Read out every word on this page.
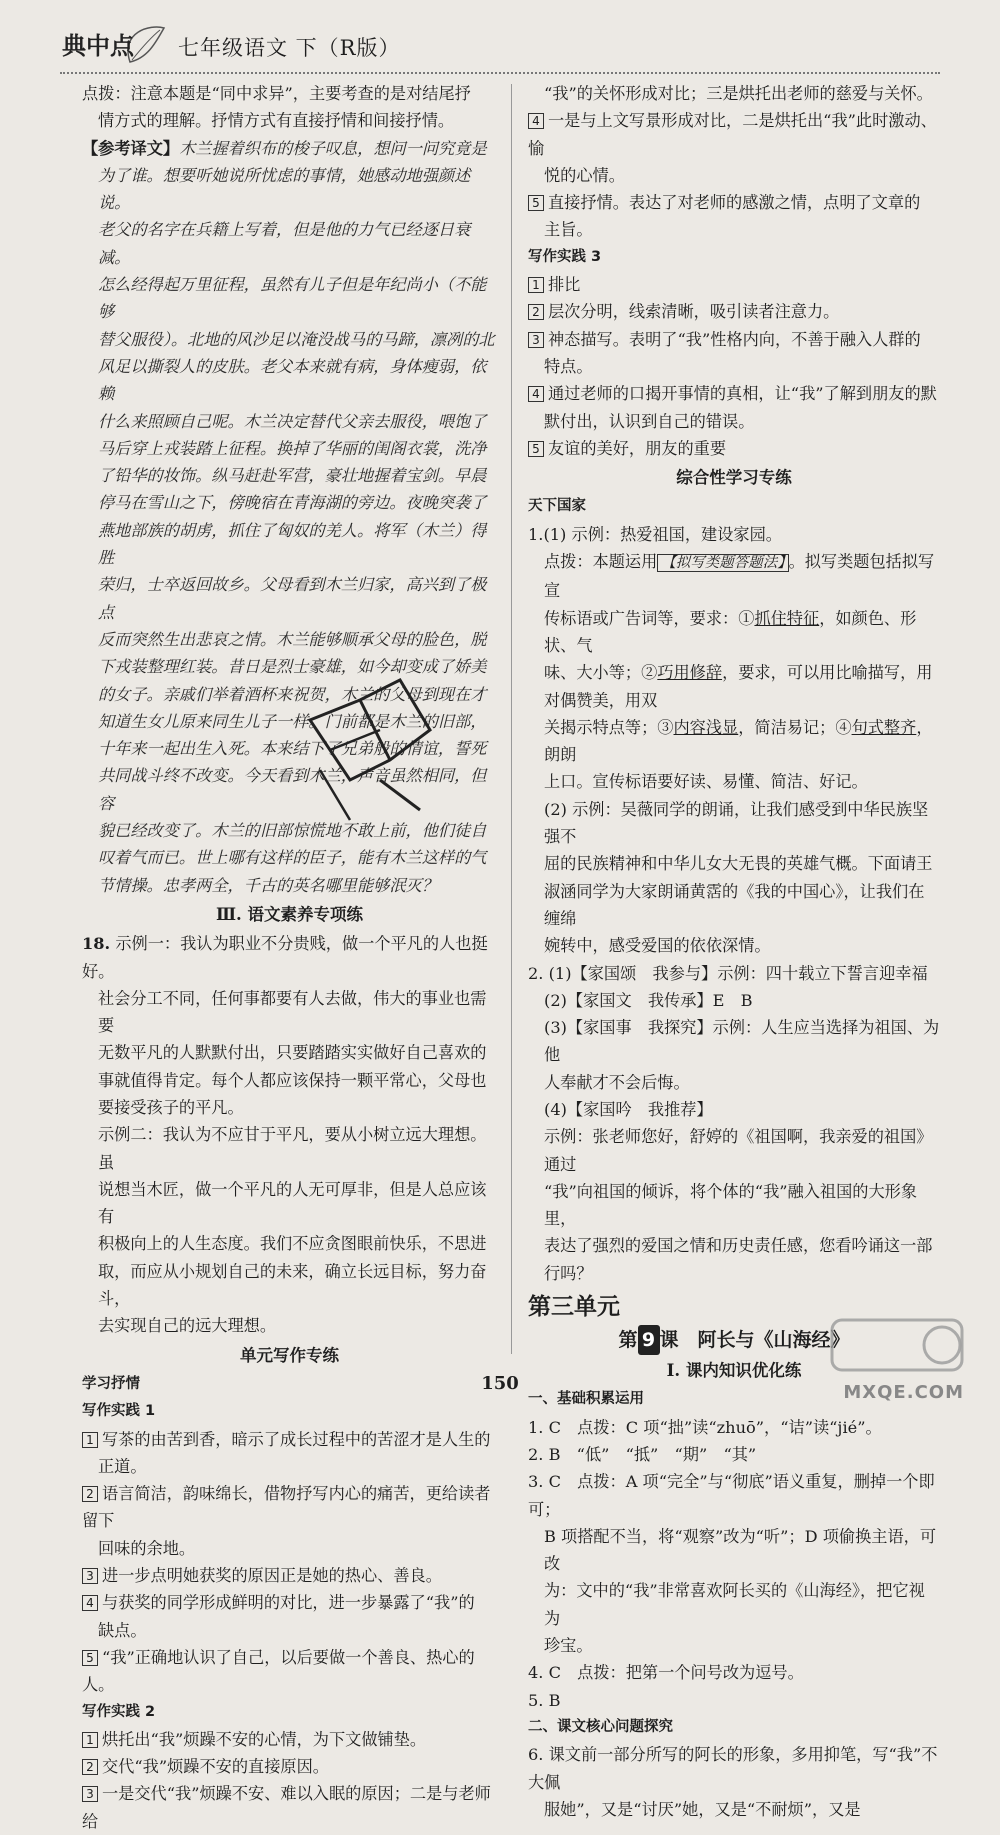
典中点 七年级语文 下（R版）

点拨：注意本题是“同中求异”，主要考查的是对结尾抒

情方式的理解。抒情方式有直接抒情和间接抒情。

【参考译文】木兰握着织布的梭子叹息，想问一问究竟是

为了谁。想要听她说所忧虑的事情，她感动地强颜述说。

老父的名字在兵籍上写着，但是他的力气已经逐日衰减。

怎么经得起万里征程，虽然有儿子但是年纪尚小（不能够

替父服役）。北地的风沙足以淹没战马的马蹄，凛冽的北

风足以撕裂人的皮肤。老父本来就有病，身体瘦弱，依赖

什么来照顾自己呢。木兰决定替代父亲去服役，喂饱了

马后穿上戎装踏上征程。换掉了华丽的闺阁衣裳，洗净

了铅华的妆饰。纵马赶赴军营，豪壮地握着宝剑。早晨

停马在雪山之下，傍晚宿在青海湖的旁边。夜晚突袭了

燕地部族的胡虏，抓住了匈奴的羌人。将军（木兰）得胜

荣归，士卒返回故乡。父母看到木兰归家，高兴到了极点

反而突然生出悲哀之情。木兰能够顺承父母的脸色，脱

下戎装整理红装。昔日是烈士豪雄，如今却变成了娇美

的女子。亲戚们举着酒杯来祝贺，木兰的父母到现在才

知道生女儿原来同生儿子一样。门前都是木兰的旧部，

十年来一起出生入死。本来结下了兄弟般的情谊，誓死

共同战斗终不改变。今天看到木兰，声音虽然相同，但容

貌已经改变了。木兰的旧部惊慌地不敢上前，他们徒自

叹着气而已。世上哪有这样的臣子，能有木兰这样的气

节情操。忠孝两全，千古的英名哪里能够泯灭？

Ⅲ. 语文素养专项练

18. 示例一：我认为职业不分贵贱，做一个平凡的人也挺好。

社会分工不同，任何事都要有人去做，伟大的事业也需要

无数平凡的人默默付出，只要踏踏实实做好自己喜欢的

事就值得肯定。每个人都应该保持一颗平常心，父母也

要接受孩子的平凡。

示例二：我认为不应甘于平凡，要从小树立远大理想。虽

说想当木匠，做一个平凡的人无可厚非，但是人总应该有

积极向上的人生态度。我们不应贪图眼前快乐，不思进

取，而应从小规划自己的未来，确立长远目标，努力奋斗，

去实现自己的远大理想。

单元写作专练

学习抒情

写作实践 1

1 写茶的由苦到香，暗示了成长过程中的苦涩才是人生的

正道。

2 语言简洁，韵味绵长，借物抒写内心的痛苦，更给读者留下

回味的余地。

3 进一步点明她获奖的原因正是她的热心、善良。

4 与获奖的同学形成鲜明的对比，进一步暴露了“我”的

缺点。

5 “我”正确地认识了自己，以后要做一个善良、热心的人。

写作实践 2

1 烘托出“我”烦躁不安的心情，为下文做铺垫。

2 交代“我”烦躁不安的直接原因。

3 一是交代“我”烦躁不安、难以入眠的原因；二是与老师给

“我”的关怀形成对比；三是烘托出老师的慈爱与关怀。

4 一是与上文写景形成对比，二是烘托出“我”此时激动、愉

悦的心情。

5 直接抒情。表达了对老师的感激之情，点明了文章的

主旨。

写作实践 3

1 排比

2 层次分明，线索清晰，吸引读者注意力。

3 神态描写。表明了“我”性格内向，不善于融入人群的

特点。

4 通过老师的口揭开事情的真相，让“我”了解到朋友的默

默付出，认识到自己的错误。

5 友谊的美好，朋友的重要

综合性学习专练

天下国家

1.(1) 示例：热爱祖国，建设家园。

点拨：本题运用 【拟写类题答题法】 。拟写类题包括拟写宣

传标语或广告词等，要求：①抓住特征，如颜色、形状、气

味、大小等；②巧用修辞，要求，可以用比喻描写，用对偶赞美，用双

关揭示特点等；③内容浅显，简洁易记；④句式整齐，朗朗

上口。宣传标语要好读、易懂、简洁、好记。

(2) 示例：吴薇同学的朗诵，让我们感受到中华民族坚强不

屈的民族精神和中华儿女大无畏的英雄气概。下面请王

淑涵同学为大家朗诵黄霑的《我的中国心》，让我们在缠绵

婉转中，感受爱国的依依深情。

2. (1)【家国颂　我参与】示例：四十载立下誓言迎幸福

(2)【家国文　我传承】E　B

(3)【家国事　我探究】示例：人生应当选择为祖国、为他

人奉献才不会后悔。

(4)【家国吟　我推荐】

示例：张老师您好，舒婷的《祖国啊，我亲爱的祖国》通过

“我”向祖国的倾诉，将个体的“我”融入祖国的大形象里，

表达了强烈的爱国之情和历史责任感，您看吟诵这一部

行吗？

第三单元

第 9 课　阿长与《山海经》

Ⅰ. 课内知识优化练

一、基础积累运用

1. C　点拨：C 项“拙”读“zhuō”，“诘”读“jié”。

2. B　“低”　“抵”　“期”　“其”

3. C　点拨：A 项“完全”与“彻底”语义重复，删掉一个即可；

B 项搭配不当，将“观察”改为“听”；D 项偷换主语，可改

为：文中的“我”非常喜欢阿长买的《山海经》，把它视为

珍宝。

4. C　点拨：把第一个问号改为逗号。

5. B

二、课文核心问题探究

6. 课文前一部分所写的阿长的形象，多用抑笔，写“我”不大佩

服她”，又是“讨厌”她，又是“不耐烦”，又是

150	MXQE.COM
